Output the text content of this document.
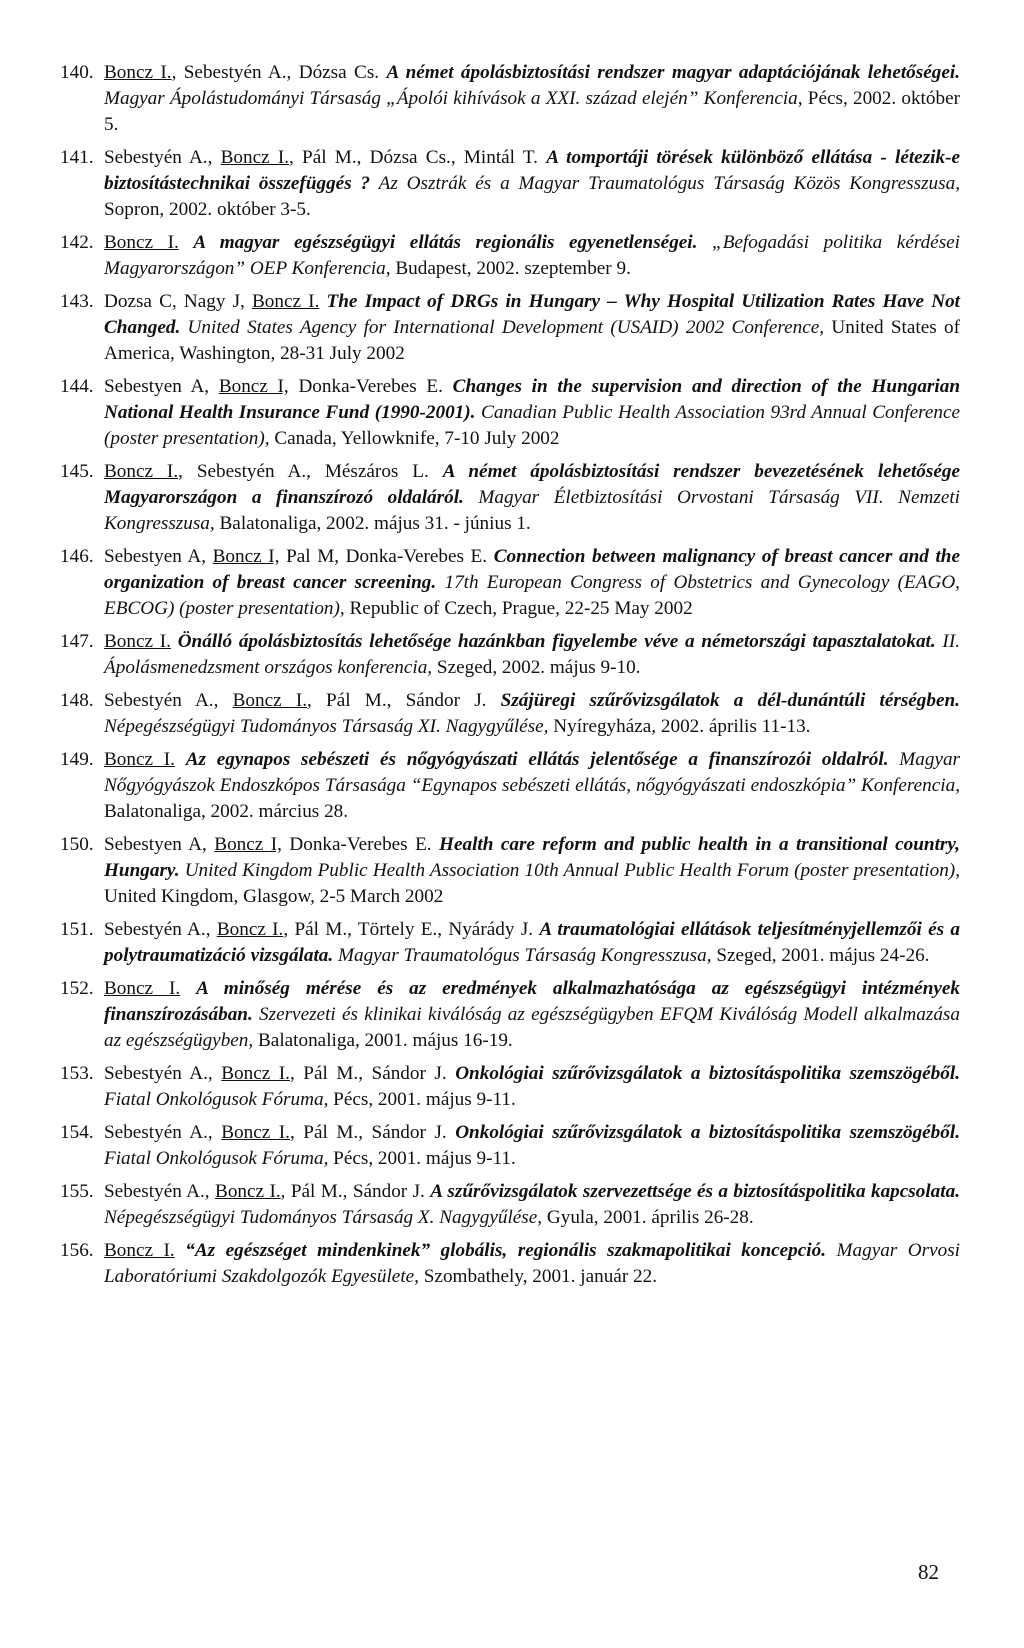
140. Boncz I., Sebestyén A., Dózsa Cs. A német ápolásbiztosítási rendszer magyar adaptációjának lehetőségei. Magyar Ápolástudományi Társaság „Ápolói kihívások a XXI. század elején” Konferencia, Pécs, 2002. október 5.
141. Sebestyén A., Boncz I., Pál M., Dózsa Cs., Mintál T. A tomportáji törések különböző ellátása - létezik-e biztosítástechnikai összefüggés ? Az Osztrák és a Magyar Traumatológus Társaság Közös Kongresszusa, Sopron, 2002. október 3-5.
142. Boncz I. A magyar egészségügyi ellátás regionális egyenetlenségei. „Befogadási politika kérdései Magyarországon” OEP Konferencia, Budapest, 2002. szeptember 9.
143. Dozsa C, Nagy J, Boncz I. The Impact of DRGs in Hungary – Why Hospital Utilization Rates Have Not Changed. United States Agency for International Development (USAID) 2002 Conference, United States of America, Washington, 28-31 July 2002
144. Sebestyen A, Boncz I, Donka-Verebes E. Changes in the supervision and direction of the Hungarian National Health Insurance Fund (1990-2001). Canadian Public Health Association 93rd Annual Conference (poster presentation), Canada, Yellowknife, 7-10 July 2002
145. Boncz I., Sebestyén A., Mészáros L. A német ápolásbiztosítási rendszer bevezetésének lehetősége Magyarországon a finanszírozó oldaláról. Magyar Életbiztosítási Orvostani Társaság VII. Nemzeti Kongresszusa, Balatonaliga, 2002. május 31. - június 1.
146. Sebestyen A, Boncz I, Pal M, Donka-Verebes E. Connection between malignancy of breast cancer and the organization of breast cancer screening. 17th European Congress of Obstetrics and Gynecology (EAGO, EBCOG) (poster presentation), Republic of Czech, Prague, 22-25 May 2002
147. Boncz I. Önálló ápolásbiztosítás lehetősége hazánkban figyelembe véve a németországi tapasztalatokat. II. Ápolásmenedzsment országos konferencia, Szeged, 2002. május 9-10.
148. Sebestyén A., Boncz I., Pál M., Sándor J. Szájüregi szűrővizsgálatok a dél-dunántúli térségben. Népegészségügyi Tudományos Társaság XI. Nagygyűlése, Nyíregyháza, 2002. április 11-13.
149. Boncz I. Az egynapos sebészeti és nőgyógyászati ellátás jelentősége a finanszírozói oldalról. Magyar Nőgyógyászok Endoszkópos Társasága “Egynapos sebészeti ellátás, nőgyógyászati endoszkópia” Konferencia, Balatonaliga, 2002. március 28.
150. Sebestyen A, Boncz I, Donka-Verebes E. Health care reform and public health in a transitional country, Hungary. United Kingdom Public Health Association 10th Annual Public Health Forum (poster presentation), United Kingdom, Glasgow, 2-5 March 2002
151. Sebestyén A., Boncz I., Pál M., Törtely E., Nyárády J. A traumatológiai ellátások teljesítményjellemzői és a polytraumatizáció vizsgálata. Magyar Traumatológus Társaság Kongresszusa, Szeged, 2001. május 24-26.
152. Boncz I. A minőség mérése és az eredmények alkalmazhatósága az egészségügyi intézmények finanszírozásában. Szervezeti és klinikai kiválóság az egészségügyben EFQM Kiválóság Modell alkalmazása az egészségügyben, Balatonaliga, 2001. május 16-19.
153. Sebestyén A., Boncz I., Pál M., Sándor J. Onkológiai szűrővizsgálatok a biztosításpolitika szemszögéből. Fiatal Onkológusok Fóruma, Pécs, 2001. május 9-11.
154. Sebestyén A., Boncz I., Pál M., Sándor J. Onkológiai szűrővizsgálatok a biztosításpolitika szemszögéből. Fiatal Onkológusok Fóruma, Pécs, 2001. május 9-11.
155. Sebestyén A., Boncz I., Pál M., Sándor J. A szűrővizsgálatok szervezettsége és a biztosításpolitika kapcsolata. Népegészségügyi Tudományos Társaság X. Nagygyűlése, Gyula, 2001. április 26-28.
156. Boncz I. “Az egészséget mindenkinek” globális, regionális szakmapolitikai koncepció. Magyar Orvosi Laboratóriumi Szakdolgozók Egyesülete, Szombathely, 2001. január 22.
82
